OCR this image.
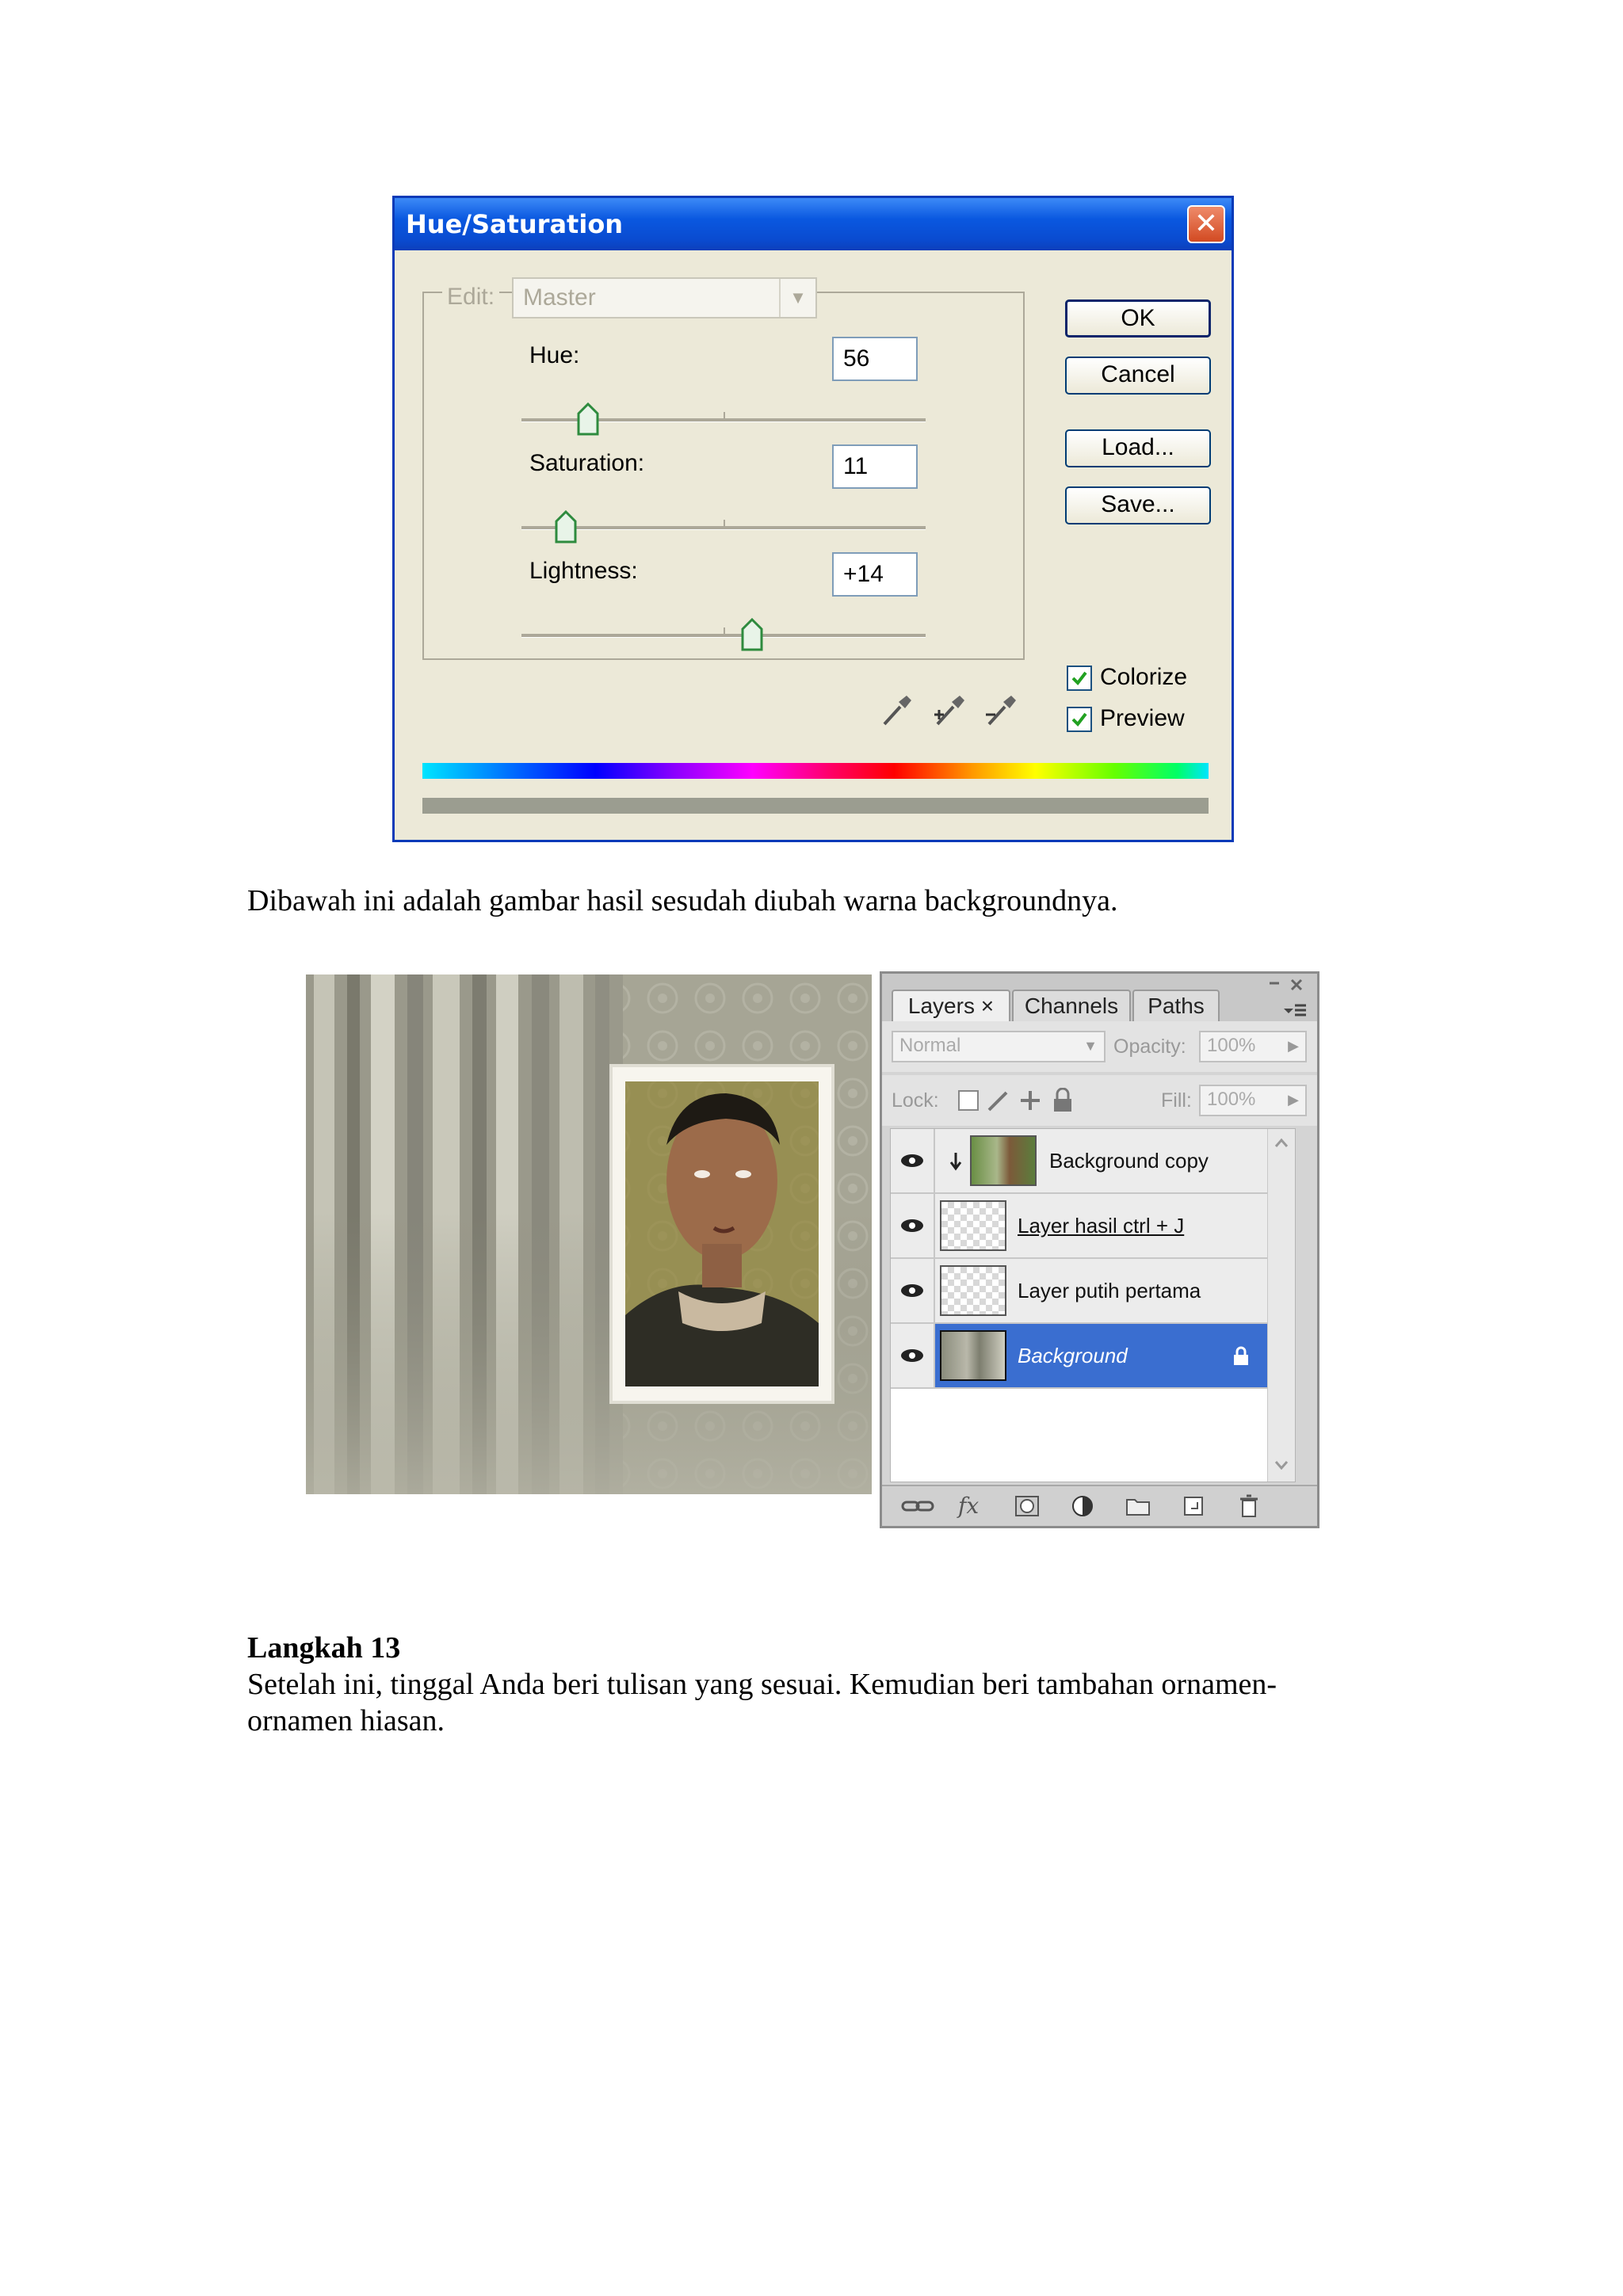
Hue/Saturation	✕
Edit:	Master	▼
Hue:	56
Saturation:	11
Lightness:	+14
OK
Cancel
Load...
Save...
Colorize
Preview
Dibawah ini adalah gambar hasil sesudah diubah warna backgroundnya.
Layers ×	Channels	Paths
Normal	▼ Opacity:	100%	▶
Lock:	Fill: 100%	▶
Background copy
Layer hasil ctrl + J
Layer putih pertama
Background
fx
Langkah 13
Setelah ini, tinggal Anda beri tulisan yang sesuai. Kemudian beri tambahan ornamen-
ornamen hiasan.
